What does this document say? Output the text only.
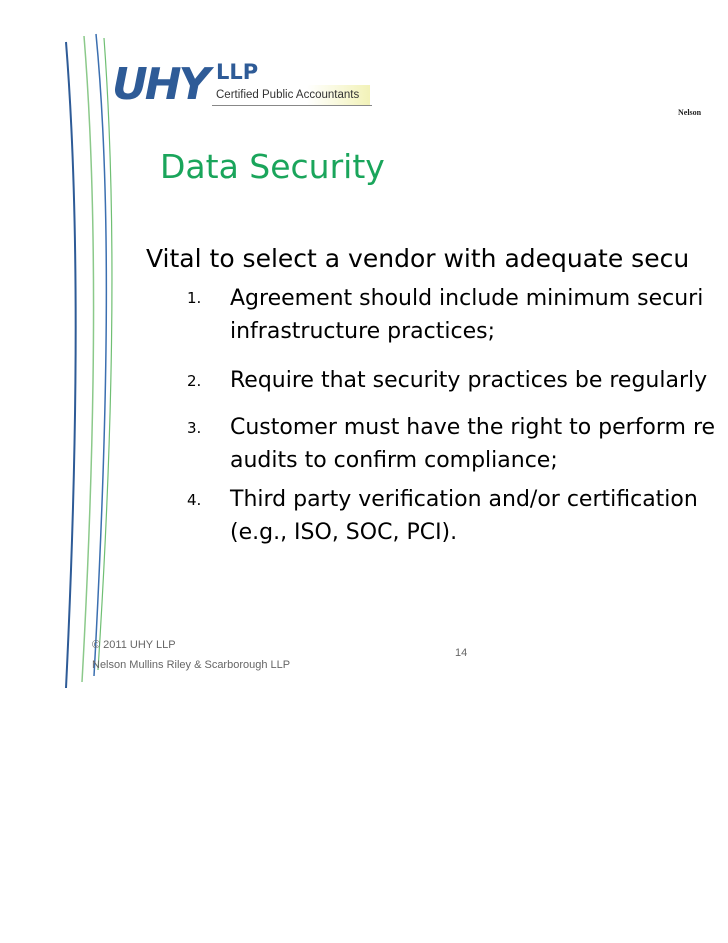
UHY LLP
Certified Public Accountants
Nelson
Data Security
Vital to select a vendor with adequate secu
1. Agreement should include minimum securi
infrastructure practices;
2. Require that security practices be regularly
3. Customer must have the right to perform re
audits to confirm compliance;
4. Third party verification and/or certification
(e.g., ISO, SOC, PCI).
© 2011 UHY LLP
Nelson Mullins Riley & Scarborough LLP
14
